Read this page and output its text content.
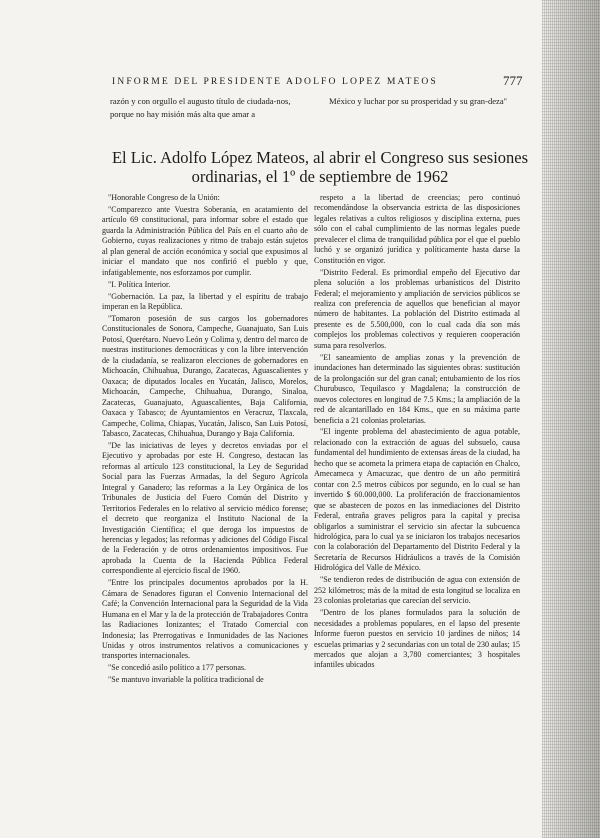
INFORME DEL PRESIDENTE ADOLFO LOPEZ MATEOS	777
razón y con orgullo el augusto título de ciudada-nos, porque no hay misión más alta que amar a
México y luchar por su prosperidad y su gran-deza''
El Lic. Adolfo López Mateos, al abrir el Congreso sus sesiones ordinarias, el 1º de septiembre de 1962

"Honorable Congreso de la Unión:

"Comparezco ante Vuestra Soberanía, en acatamiento del artículo 69 constitucional, para informar sobre el estado que guarda la Administración Pública del País en el cuarto año de Gobierno, cuyas realizaciones y ritmo de trabajo están sujetos al plan general de acción económica y social que expusimos al iniciar el mandato que nos confirió el pueblo y que, infatigablemente, nos esforzamos por cumplir.

"I. Política Interior.

"Gobernación. La paz, la libertad y el espíritu de trabajo imperan en la República.

"Tomaron posesión de sus cargos los gobernadores Constitucionales de Sonora, Campeche, Guanajuato, San Luis Potosí, Querétaro. Nuevo León y Colima y, dentro del marco de nuestras instituciones democráticas y con la libre intervención de la ciudadanía, se realizaron elecciones de gobernadores en Michoacán, Chihuahua, Durango, Zacatecas, Aguascalientes y Oaxaca; de diputados locales en Yucatán, Jalisco, Morelos, Michoacán, Campeche, Chihuahua, Durango, Sinaloa, Zacatecas, Guanajuato, Aguascalientes, Baja California, Oaxaca y Tabasco; de Ayuntamientos en Veracruz, Tlaxcala, Campeche, Colima, Chiapas, Yucatán, Jalisco, San Luis Potosí, Tabasco, Zacatecas, Chihuahua, Durango y Baja California.

"De las iniciativas de leyes y decretos enviadas por el Ejecutivo y aprobadas por este H. Congreso, destacan las reformas al artículo 123 constitucional, la Ley de Seguridad Social para las Fuerzas Armadas, la del Seguro Agrícola Integral y Ganadero; las reformas a la Ley Orgánica de los Tribunales de Justicia del Fuero Común del Distrito y Territorios Federales en lo relativo al servicio médico forense; el decreto que reorganiza el Instituto Nacional de la Investigación Científica; el que deroga los impuestos de herencias y legados; las reformas y adiciones del Código Fiscal de la Federación y de otros ordenamientos impositivos. Fue aprobada la Cuenta de la Hacienda Pública Federal correspondiente al ejercicio fiscal de 1960.

"Entre los principales documentos aprobados por la H. Cámara de Senadores figuran el Convenio Internacional del Café; la Convención Internacional para la Seguridad de la Vida Humana en el Mar y la de la protección de Trabajadores Contra las Radiaciones Ionizantes; el Tratado Comercial con Indonesia; las Prerrogativas e Inmunidades de las Naciones Unidas y otros instrumentos relativos a comunicaciones y transportes internacionales.

"Se concedió asilo político a 177 personas.

"Se mantuvo invariable la política tradicional de

respeto a la libertad de creencias; pero continuó recomendándose la observancia estricta de las disposiciones legales relativas a cultos religiosos y disciplina externa, pues sólo con el cabal cumplimiento de las normas legales puede prevalecer el clima de tranquilidad pública por el que el pueblo luchó y se organizó jurídica y políticamente hasta darse la Constitución en vigor.

"Distrito Federal. Es primordial empeño del Ejecutivo dar plena solución a los problemas urbanísticos del Distrito Federal; el mejoramiento y ampliación de servicios públicos se realiza con preferencia de aquellos que benefician al mayor número de habitantes. La población del Distrito estimada al presente es de 5.500,000, con lo cual cada día son más complejos los problemas colectivos y requieren cooperación suma para resolverlos.

"El saneamiento de amplias zonas y la prevención de inundaciones han determinado las siguientes obras: sustitución de la prolongación sur del gran canal; entubamiento de los ríos Churubusco, Tequilasco y Magdalena; la construcción de nuevos colectores en longitud de 7.5 Kms.; la ampliación de la red de alcantarillado en 184 Kms., que en su máxima parte beneficia a 21 colonias proletarias.

"El ingente problema del abastecimiento de agua potable, relacionado con la extracción de aguas del subsuelo, causa fundamental del hundimiento de extensas áreas de la ciudad, ha hecho que se acometa la primera etapa de captación en Chalco, Amecameca y Amacuzac, que dentro de un año permitirá contar con 2.5 metros cúbicos por segundo, en lo cual se han invertido $ 60.000,000. La proliferación de fraccionamientos que se abastecen de pozos en las inmediaciones del Distrito Federal, entraña graves peligros para la capital y precisa obligarlos a suministrar el servicio sin afectar la subcuenca hidrológica, para lo cual ya se iniciaron los trabajos necesarios con la colaboración del Departamento del Distrito Federal y la Secretaría de Recursos Hidráulicos a través de la Comisión Hidrológica del Valle de México.

"Se tendieron redes de distribución de agua con extensión de 252 kilómetros; más de la mitad de esta longitud se localiza en 23 colonias proletarias que carecían del servicio.

"Dentro de los planes formulados para la solución de necesidades a problemas populares, en el lapso del presente Informe fueron puestos en servicio 10 jardines de niños; 14 escuelas primarias y 2 secundarias con un total de 230 aulas; 15 mercados que alojan a 3,780 comerciantes; 3 hospitales infantiles ubicados
